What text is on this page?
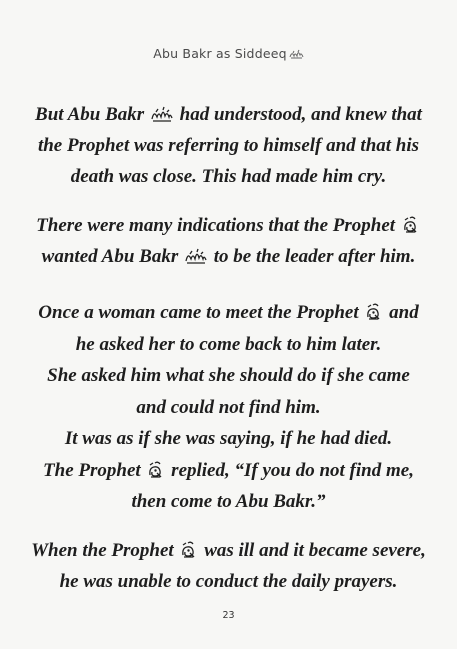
Abu Bakr as Siddeeq
But Abu Bakr
had understood, and knew that
the Prophet was referring to himself and that his
death was close. This had made him cry.
There were many indications that the Prophet
wanted Abu Bakr
to be the leader after him.
Once a woman came to meet the Prophet
and
he asked her to come back to him later.
She asked him what she should do if she came
and could not find him.
It was as if she was saying, if he had died.
The Prophet
replied, “If you do not find me,
then come to Abu Bakr.”
When the Prophet
was ill and it became severe,
he was unable to conduct the daily prayers.
23
